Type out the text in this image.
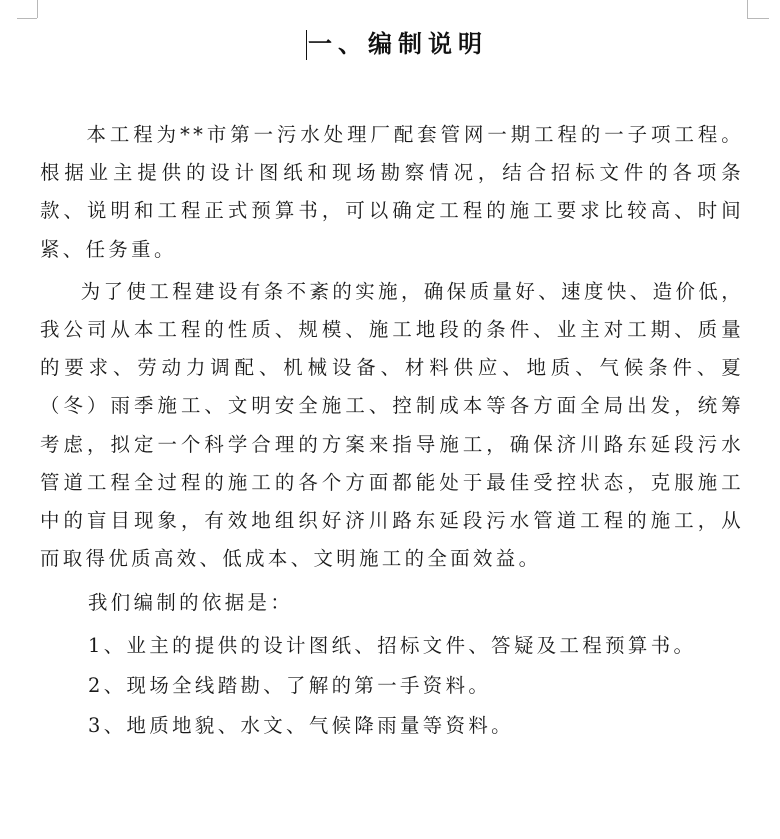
一、编制说明

本工程为**市第一污水处理厂配套管网一期工程的一子项工程。根据业主提供的设计图纸和现场勘察情况，结合招标文件的各项条款、说明和工程正式预算书，可以确定工程的施工要求比较高、时间紧、任务重。

为了使工程建设有条不紊的实施，确保质量好、速度快、造价低，我公司从本工程的性质、规模、施工地段的条件、业主对工期、质量的要求、劳动力调配、机械设备、材料供应、地质、气候条件、夏（冬）雨季施工、文明安全施工、控制成本等各方面全局出发，统筹考虑，拟定一个科学合理的方案来指导施工，确保济川路东延段污水管道工程全过程的施工的各个方面都能处于最佳受控状态，克服施工中的盲目现象，有效地组织好济川路东延段污水管道工程的施工，从而取得优质高效、低成本、文明施工的全面效益。

我们编制的依据是：

1、业主的提供的设计图纸、招标文件、答疑及工程预算书。

2、现场全线踏勘、了解的第一手资料。

3、地质地貌、水文、气候降雨量等资料。
